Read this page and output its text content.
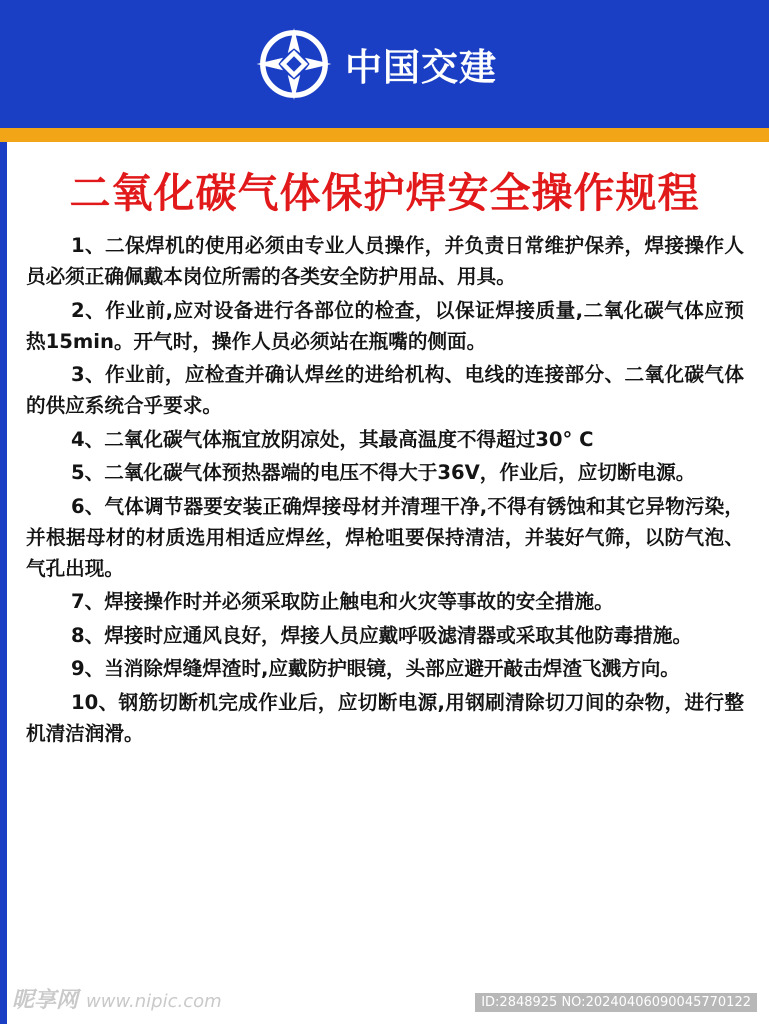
中国交建
二氧化碳气体保护焊安全操作规程

1、二保焊机的使用必须由专业人员操作，并负责日常维护保养，焊接操作人员必须正确佩戴本岗位所需的各类安全防护用品、用具。

2、作业前,应对设备进行各部位的检查，以保证焊接质量,二氧化碳气体应预热15min。开气时，操作人员必须站在瓶嘴的侧面。

3、作业前，应检查并确认焊丝的进给机构、电线的连接部分、二氧化碳气体的供应系统合乎要求。

4、二氧化碳气体瓶宜放阴凉处，其最高温度不得超过30° C

5、二氧化碳气体预热器端的电压不得大于36V，作业后，应切断电源。

6、气体调节器要安装正确焊接母材并清理干净,不得有锈蚀和其它异物污染，并根据母材的材质选用相适应焊丝，焊枪咀要保持清洁，并装好气筛，以防气泡、气孔出现。

7、焊接操作时并必须采取防止触电和火灾等事故的安全措施。

8、焊接时应通风良好，焊接人员应戴呼吸滤清器或采取其他防毒措施。

9、当消除焊缝焊渣时,应戴防护眼镜，头部应避开敲击焊渣飞溅方向。

10、钢筋切断机完成作业后，应切断电源,用钢刷清除切刀间的杂物，进行整机清洁润滑。

昵享网 www.nipic.com	ID:2848925 NO:20240406090045770122
